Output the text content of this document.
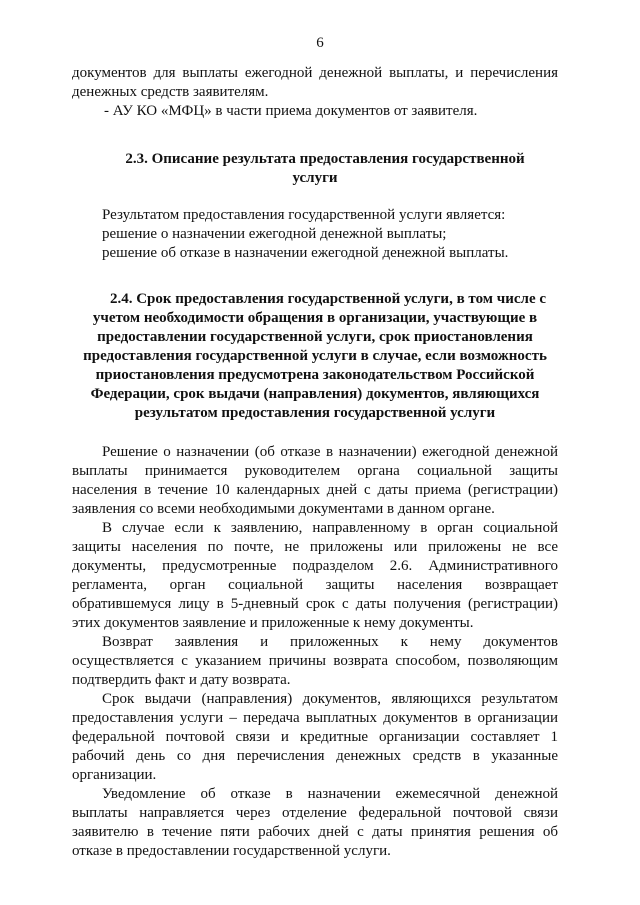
6
документов для выплаты ежегодной денежной выплаты, и перечисления
денежных средств заявителям.
- АУ КО «МФЦ» в части приема документов от заявителя.
2.3. Описание результата предоставления государственной
услуги
Результатом предоставления государственной услуги является:
решение о назначении ежегодной денежной выплаты;
решение об отказе в назначении ежегодной денежной выплаты.
2.4. Срок предоставления государственной услуги, в том числе с
учетом необходимости обращения в организации, участвующие в
предоставлении государственной услуги, срок приостановления
предоставления государственной услуги в случае, если возможность
приостановления предусмотрена законодательством Российской
Федерации, срок выдачи (направления) документов, являющихся
результатом предоставления государственной услуги
Решение о назначении (об отказе в назначении) ежегодной денежной
выплаты принимается руководителем органа социальной защиты
населения в течение 10 календарных дней с даты приема (регистрации)
заявления со всеми необходимыми документами в данном органе.
В случае если к заявлению, направленному в орган социальной
защиты населения по почте, не приложены или приложены не все
документы, предусмотренные подразделом 2.6. Административного
регламента, орган социальной защиты населения возвращает
обратившемуся лицу в 5-дневный срок с даты получения (регистрации)
этих документов заявление и приложенные к нему документы.
Возврат заявления и приложенных к нему документов
осуществляется с указанием причины возврата способом, позволяющим
подтвердить факт и дату возврата.
Срок выдачи (направления) документов, являющихся результатом
предоставления услуги – передача выплатных документов в организации
федеральной почтовой связи и кредитные организации составляет 1
рабочий день со дня перечисления денежных средств в указанные
организации.
Уведомление об отказе в назначении ежемесячной денежной
выплаты направляется через отделение федеральной почтовой связи
заявителю в течение пяти рабочих дней с даты принятия решения об
отказе в предоставлении государственной услуги.
